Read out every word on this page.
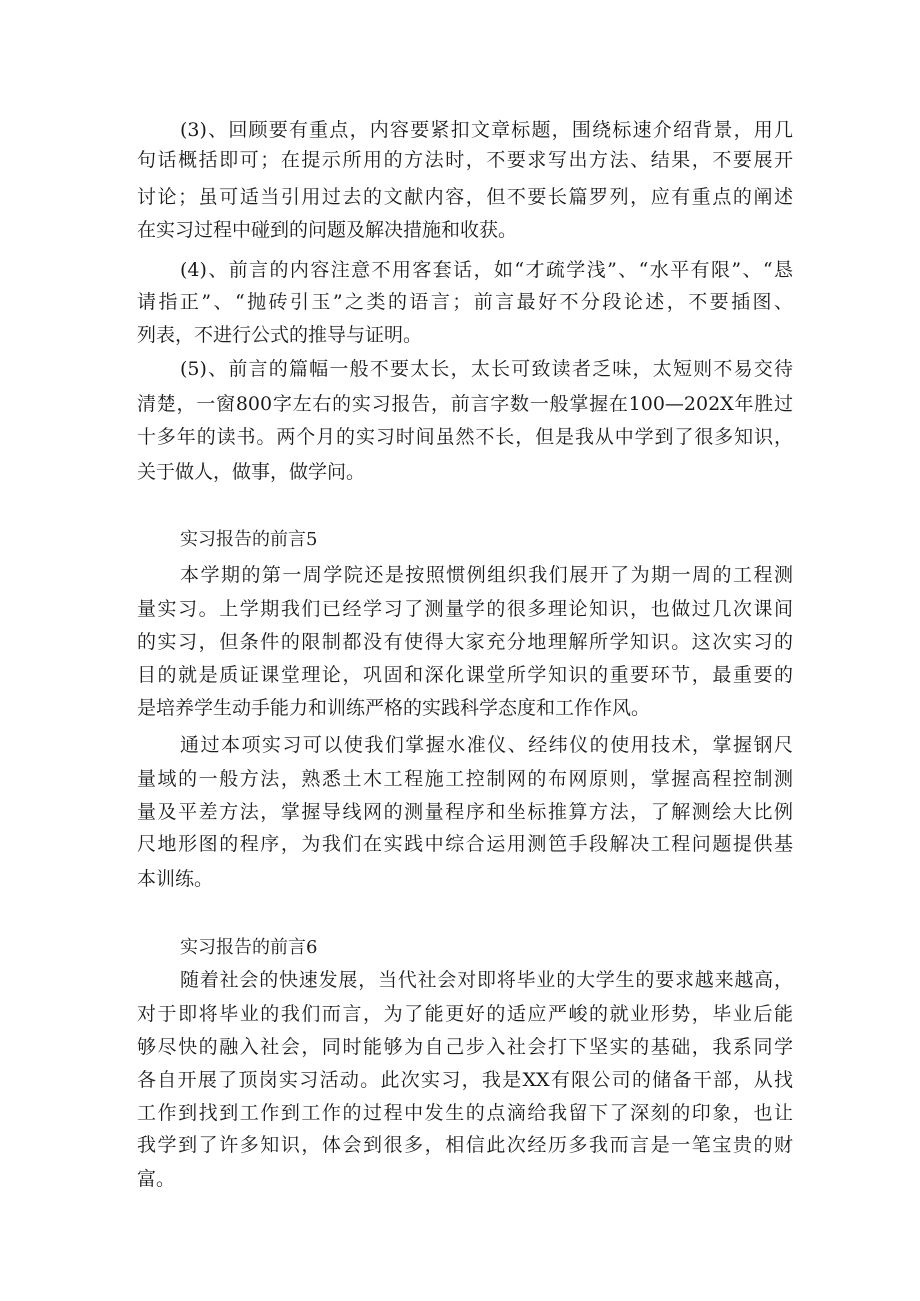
(3)、回顾要有重点，内容要紧扣文章标题，围绕标速介绍背景，用几
句话概括即可；在提示所用的方法时，不要求写出方法、结果，不要展开
讨论；虽可适当引用过去的文献内容，但不要长篇罗列，应有重点的阐述
在实习过程中碰到的问题及解决措施和收获。
(4)、前言的内容注意不用客套话，如“才疏学浅”、“水平有限”、“恳
请指正”、“抛砖引玉”之类的语言；前言最好不分段论述，不要插图、
列表，不进行公式的推导与证明。
(5)、前言的篇幅一般不要太长，太长可致读者乏味，太短则不易交待
清楚，一窗800字左右的实习报告，前言字数一般掌握在100—202X年胜过
十多年的读书。两个月的实习时间虽然不长，但是我从中学到了很多知识，
关于做人，做事，做学问。
实习报告的前言5
本学期的第一周学院还是按照惯例组织我们展开了为期一周的工程测
量实习。上学期我们已经学习了测量学的很多理论知识，也做过几次课间
的实习，但条件的限制都没有使得大家充分地理解所学知识。这次实习的
目的就是质证课堂理论，巩固和深化课堂所学知识的重要环节，最重要的
是培养学生动手能力和训练严格的实践科学态度和工作作风。
通过本项实习可以使我们掌握水准仪、经纬仪的使用技术，掌握钢尺
量域的一般方法，熟悉土木工程施工控制网的布网原则，掌握高程控制测
量及平差方法，掌握导线网的测量程序和坐标推算方法，了解测绘大比例
尺地形图的程序，为我们在实践中综合运用测笆手段解决工程问题提供基
本训练。
实习报告的前言6
随着社会的快速发展，当代社会对即将毕业的大学生的要求越来越高，
对于即将毕业的我们而言，为了能更好的适应严峻的就业形势，毕业后能
够尽快的融入社会，同时能够为自己步入社会打下坚实的基础，我系同学
各自开展了顶岗实习活动。此次实习，我是XX有限公司的储备干部，从找
工作到找到工作到工作的过程中发生的点滴给我留下了深刻的印象，也让
我学到了许多知识，体会到很多，相信此次经历多我而言是一笔宝贵的财
富。
